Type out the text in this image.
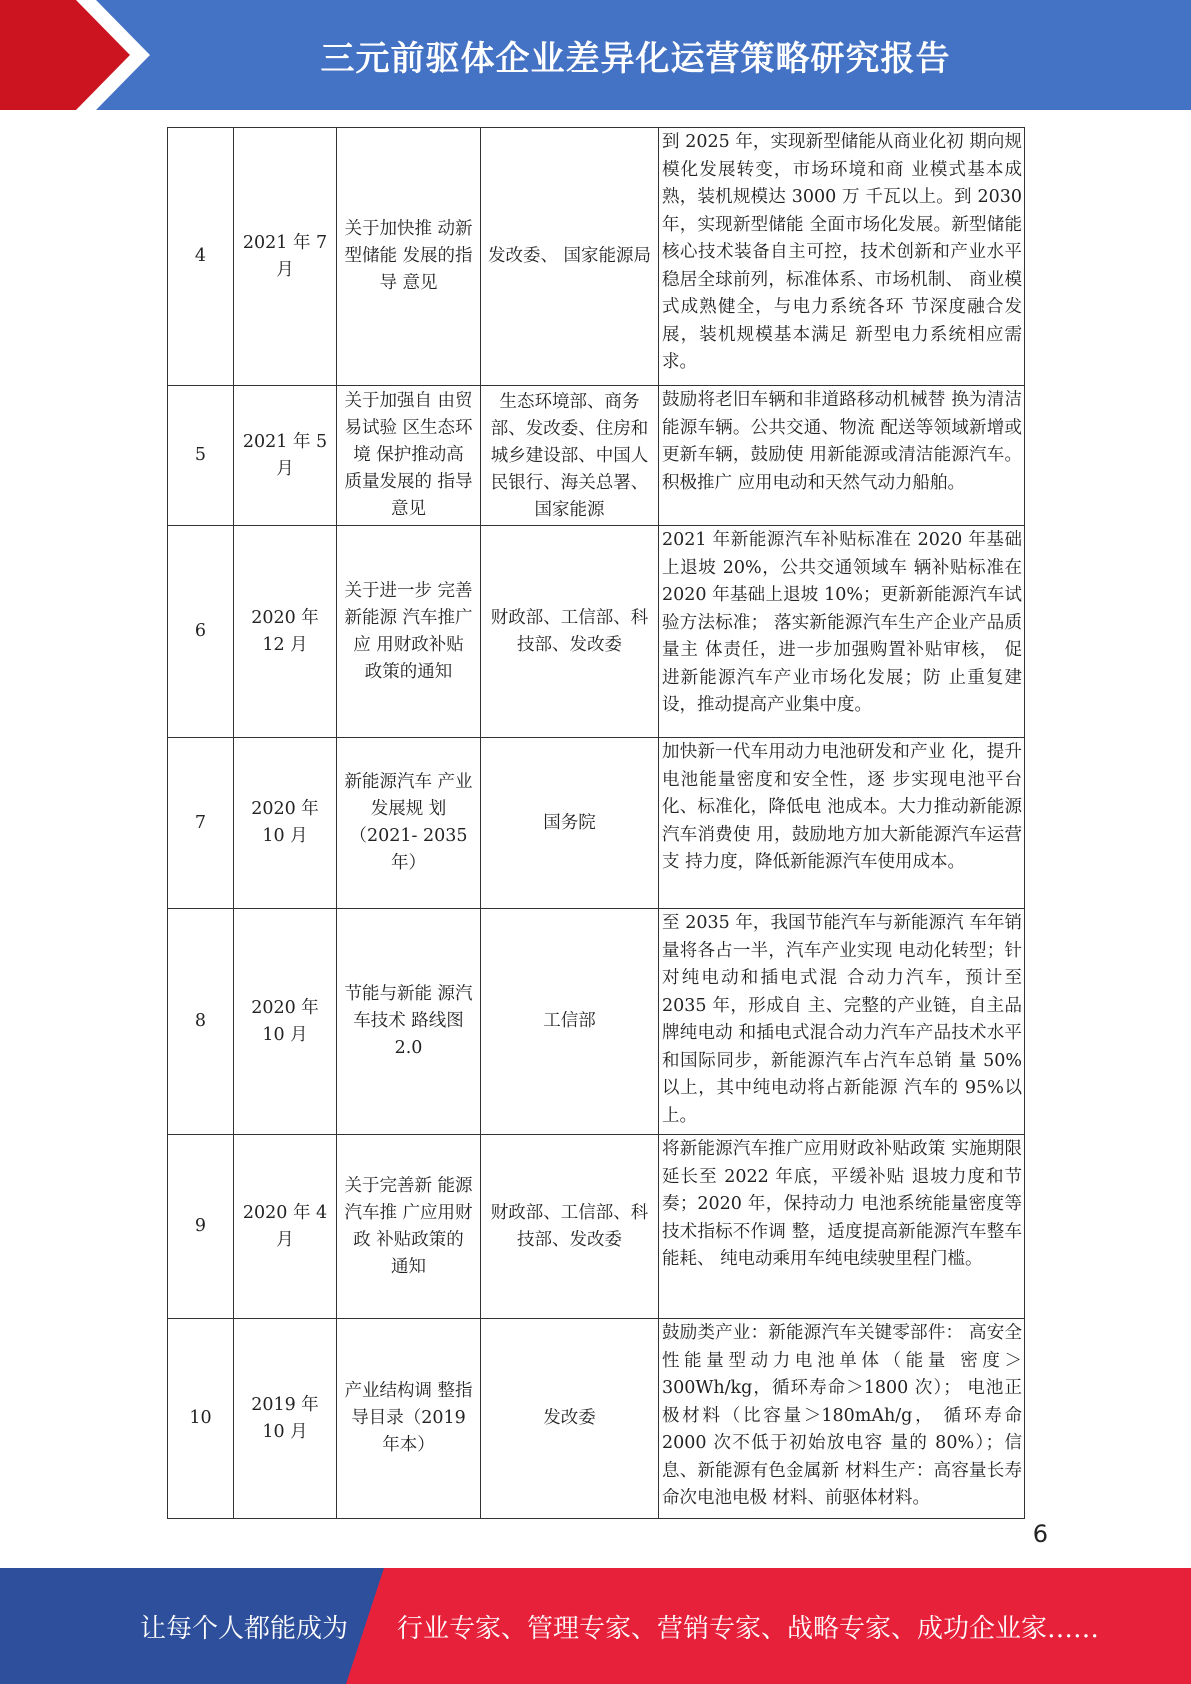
三元前驱体企业差异化运营策略研究报告
4	2021 年 7 月	关于加快推 动新型储能 发展的指导 意见	发改委、 国家能源局	到 2025 年，实现新型储能从商业化初 期向规模化发展转变，市场环境和商 业模式基本成熟，装机规模达 3000 万 千瓦以上。到 2030 年，实现新型储能 全面市场化发展。新型储能核心技术装备自主可控，技术创新和产业水平 稳居全球前列，标准体系、市场机制、 商业模式成熟健全，与电力系统各环 节深度融合发展，装机规模基本满足 新型电力系统相应需求。

5	2021 年 5 月	关于加强自 由贸易试验 区生态环境 保护推动高 质量发展的 指导意见	生态环境部、商务部、发改委、住房和城乡建设部、中国人民银行、海关总署、国家能源	鼓励将老旧车辆和非道路移动机械替 换为清洁能源车辆。公共交通、物流 配送等领域新增或更新车辆，鼓励使 用新能源或清洁能源汽车。积极推广 应用电动和天然气动力船舶。

6	2020 年 12 月	关于进一步 完善新能源 汽车推广应 用财政补贴 政策的通知	财政部、工信部、科技部、发改委	2021 年新能源汽车补贴标准在 2020 年基础上退坡 20%，公共交通领域车 辆补贴标准在 2020 年基础上退坡 10%；更新新能源汽车试验方法标准； 落实新能源汽车生产企业产品质量主 体责任，进一步加强购置补贴审核， 促进新能源汽车产业市场化发展；防 止重复建设，推动提高产业集中度。

7	2020 年 10 月	新能源汽车 产业发展规 划（2021- 2035 年）	国务院	加快新一代车用动力电池研发和产业 化，提升电池能量密度和安全性，逐 步实现电池平台化、标准化，降低电 池成本。大力推动新能源汽车消费使 用，鼓励地方加大新能源汽车运营支 持力度，降低新能源汽车使用成本。

8	2020 年 10 月	节能与新能 源汽车技术 路线图 2.0	工信部	至 2035 年，我国节能汽车与新能源汽 车年销量将各占一半，汽车产业实现 电动化转型；针对纯电动和插电式混 合动力汽车，预计至 2035 年，形成自 主、完整的产业链，自主品牌纯电动 和插电式混合动力汽车产品技术水平 和国际同步，新能源汽车占汽车总销 量 50%以上，其中纯电动将占新能源 汽车的 95%以上。

9	2020 年 4 月	关于完善新 能源汽车推 广应用财政 补贴政策的 通知	财政部、工信部、科技部、发改委	将新能源汽车推广应用财政补贴政策 实施期限延长至 2022 年底，平缓补贴 退坡力度和节奏；2020 年，保持动力 电池系统能量密度等技术指标不作调 整，适度提高新能源汽车整车能耗、 纯电动乘用车纯电续驶里程门槛。

10	2019 年 10 月	产业结构调 整指导目录（2019 年本）	发改委	鼓励类产业：新能源汽车关键零部件： 高安全性能量型动力电池单体（能量 密度＞300Wh/kg，循环寿命＞1800 次）； 电池正极材料（比容量＞180mAh/g， 循环寿命 2000 次不低于初始放电容 量的 80%）；信息、新能源有色金属新 材料生产：高容量长寿命次电池电极 材料、前驱体材料。
6
让每个人都能成为 行业专家、管理专家、营销专家、战略专家、成功企业家……
